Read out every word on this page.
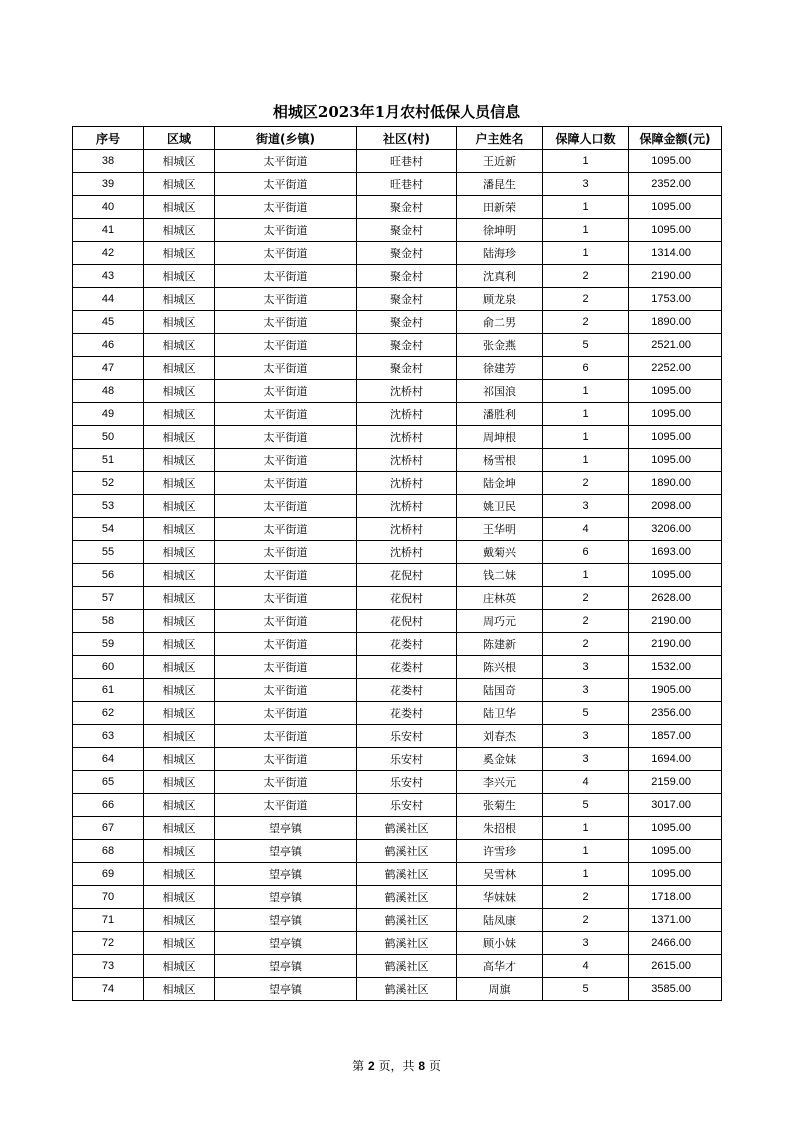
相城区2023年1月农村低保人员信息
序号	区域	街道(乡镇)	社区(村)	户主姓名	保障人口数	保障金额(元)
38	相城区	太平街道	旺巷村	王近新	1	1095.00
39	相城区	太平街道	旺巷村	潘昆生	3	2352.00
40	相城区	太平街道	聚金村	田新荣	1	1095.00
41	相城区	太平街道	聚金村	徐坤明	1	1095.00
42	相城区	太平街道	聚金村	陆海珍	1	1314.00
43	相城区	太平街道	聚金村	沈真利	2	2190.00
44	相城区	太平街道	聚金村	顾龙泉	2	1753.00
45	相城区	太平街道	聚金村	俞二男	2	1890.00
46	相城区	太平街道	聚金村	张金燕	5	2521.00
47	相城区	太平街道	聚金村	徐建芳	6	2252.00
48	相城区	太平街道	沈桥村	祁国浪	1	1095.00
49	相城区	太平街道	沈桥村	潘胜利	1	1095.00
50	相城区	太平街道	沈桥村	周坤根	1	1095.00
51	相城区	太平街道	沈桥村	杨雪根	1	1095.00
52	相城区	太平街道	沈桥村	陆金坤	2	1890.00
53	相城区	太平街道	沈桥村	姚卫民	3	2098.00
54	相城区	太平街道	沈桥村	王华明	4	3206.00
55	相城区	太平街道	沈桥村	戴菊兴	6	1693.00
56	相城区	太平街道	花倪村	钱二妹	1	1095.00
57	相城区	太平街道	花倪村	庄林英	2	2628.00
58	相城区	太平街道	花倪村	周巧元	2	2190.00
59	相城区	太平街道	花娄村	陈建新	2	2190.00
60	相城区	太平街道	花娄村	陈兴根	3	1532.00
61	相城区	太平街道	花娄村	陆国奇	3	1905.00
62	相城区	太平街道	花娄村	陆卫华	5	2356.00
63	相城区	太平街道	乐安村	刘春杰	3	1857.00
64	相城区	太平街道	乐安村	奚金妹	3	1694.00
65	相城区	太平街道	乐安村	李兴元	4	2159.00
66	相城区	太平街道	乐安村	张菊生	5	3017.00
67	相城区	望亭镇	鹤溪社区	朱招根	1	1095.00
68	相城区	望亭镇	鹤溪社区	许雪珍	1	1095.00
69	相城区	望亭镇	鹤溪社区	吴雪林	1	1095.00
70	相城区	望亭镇	鹤溪社区	华妹妹	2	1718.00
71	相城区	望亭镇	鹤溪社区	陆凤康	2	1371.00
72	相城区	望亭镇	鹤溪社区	顾小妹	3	2466.00
73	相城区	望亭镇	鹤溪社区	高华才	4	2615.00
74	相城区	望亭镇	鹤溪社区	周旗	5	3585.00
第 2 页，共 8 页
